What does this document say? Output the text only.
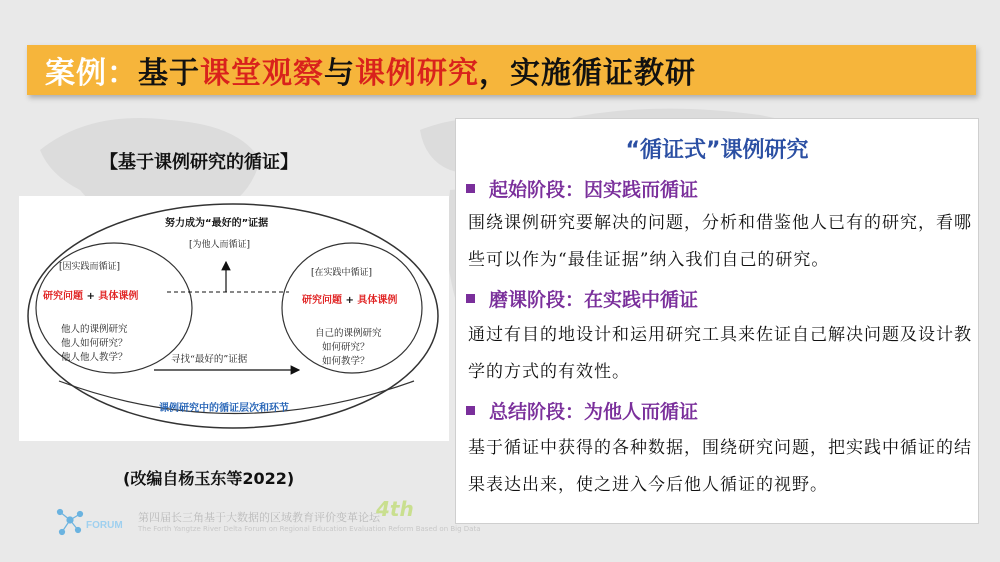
案例 ： 基于 课堂观察 与 课例研究 ，实施循证教研
【基于课例研究的循证】
努力成为“最好的”证据
[为他人而循证]
[因实践而循证]
研究问题 + 具体课例
他人的课例研究
他人如何研究？
他人他人教学？
[在实践中循证]
研究问题 + 具体课例
自己的课例研究
如何研究？
如何教学？
寻找“最好的”证据
课例研究中的循证层次和环节
(改编自杨玉东等2022)
“循证式”课例研究
起始阶段：因实践而循证
围绕课例研究要解决的问题，分析和借鉴他人已有的研究，看哪些可以作为“最佳证据”纳入我们自己的研究。
磨课阶段：在实践中循证
通过有目的地设计和运用研究工具来佐证自己解决问题及设计教学的方式的有效性。
总结阶段：为他人而循证
基于循证中获得的各种数据，围绕研究问题，把实践中循证的结果表达出来，使之进入今后他人循证的视野。
FORUM
第四届长三角基于大数据的区域教育评价变革论坛
The Forth Yangtze River Delta Forum on Regional Education Evaluation Reform Based on Big Data
4th
